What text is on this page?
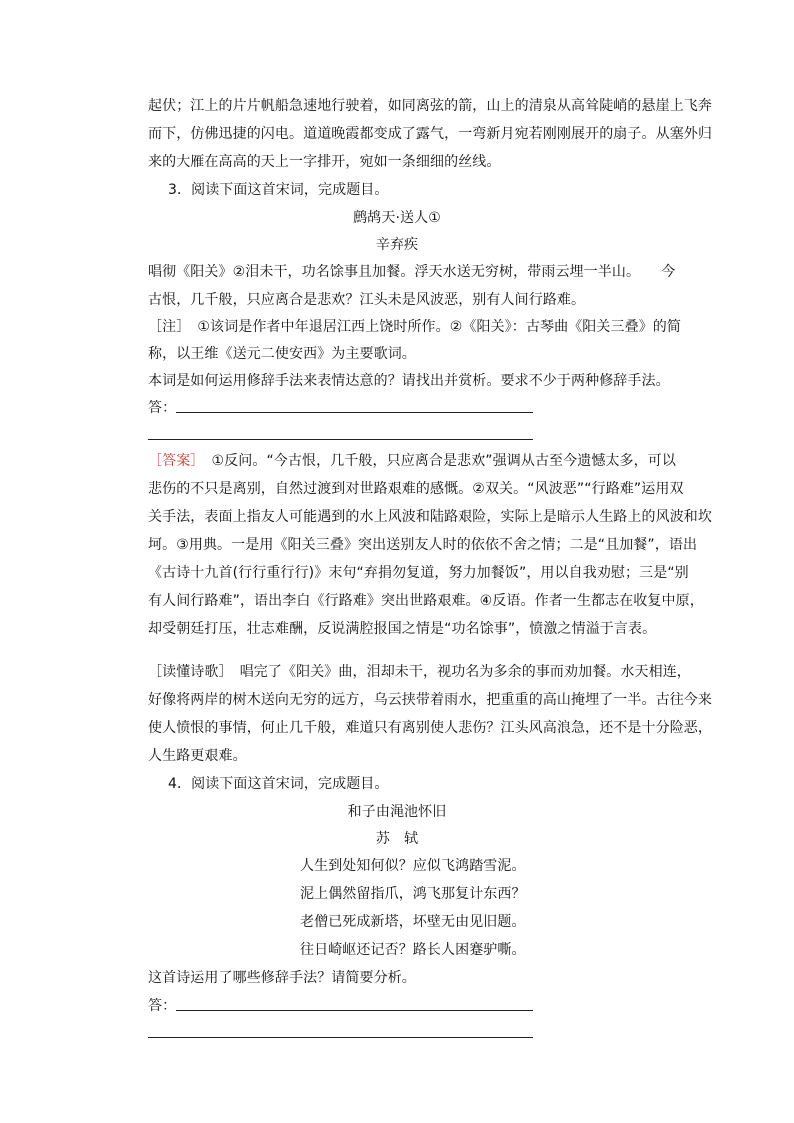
起伏；江上的片片帆船急速地行驶着，如同离弦的箭，山上的清泉从高耸陡峭的悬崖上飞奔
而下，仿佛迅捷的闪电。道道晚霞都变成了露气，一弯新月宛若刚刚展开的扇子。从塞外归
来的大雁在高高的天上一字排开，宛如一条细细的丝线。
3．阅读下面这首宋词，完成题目。
鹧鸪天·送人①
辛弃疾
唱彻《阳关》②泪未干，功名馀事且加餐。浮天水送无穷树，带雨云埋一半山。　　今
古恨，几千般，只应离合是悲欢？江头未是风波恶，别有人间行路难。
［注］　①该词是作者中年退居江西上饶时所作。②《阳关》：古琴曲《阳关三叠》的简
称，以王维《送元二使安西》为主要歌词。
本词是如何运用修辞手法来表情达意的？请找出并赏析。要求不少于两种修辞手法。
答：
［答案］　①反问。“今古恨，几千般，只应离合是悲欢”强调从古至今遗憾太多，可以
悲伤的不只是离别，自然过渡到对世路艰难的感慨。②双关。“风波恶”“行路难”运用双
关手法，表面上指友人可能遇到的水上风波和陆路艰险，实际上是暗示人生路上的风波和坎
坷。③用典。一是用《阳关三叠》突出送别友人时的依依不舍之情；二是“且加餐”，语出
《古诗十九首(行行重行行)》末句“弃捐勿复道，努力加餐饭”，用以自我劝慰；三是“别
有人间行路难”，语出李白《行路难》突出世路艰难。④反语。作者一生都志在收复中原，
却受朝廷打压，壮志难酬，反说满腔报国之情是“功名馀事”，愤激之情溢于言表。
［读懂诗歌］　唱完了《阳关》曲，泪却未干，视功名为多余的事而劝加餐。水天相连，
好像将两岸的树木送向无穷的远方，乌云挟带着雨水，把重重的高山掩埋了一半。古往今来
使人愤恨的事情，何止几千般，难道只有离别使人悲伤？江头风高浪急，还不是十分险恶，
人生路更艰难。
4．阅读下面这首宋词，完成题目。
和子由渑池怀旧
苏　轼
人生到处知何似？应似飞鸿踏雪泥。
泥上偶然留指爪，鸿飞那复计东西？
老僧已死成新塔，坏壁无由见旧题。
往日崎岖还记否？路长人困蹇驴嘶。
这首诗运用了哪些修辞手法？请简要分析。
答：
